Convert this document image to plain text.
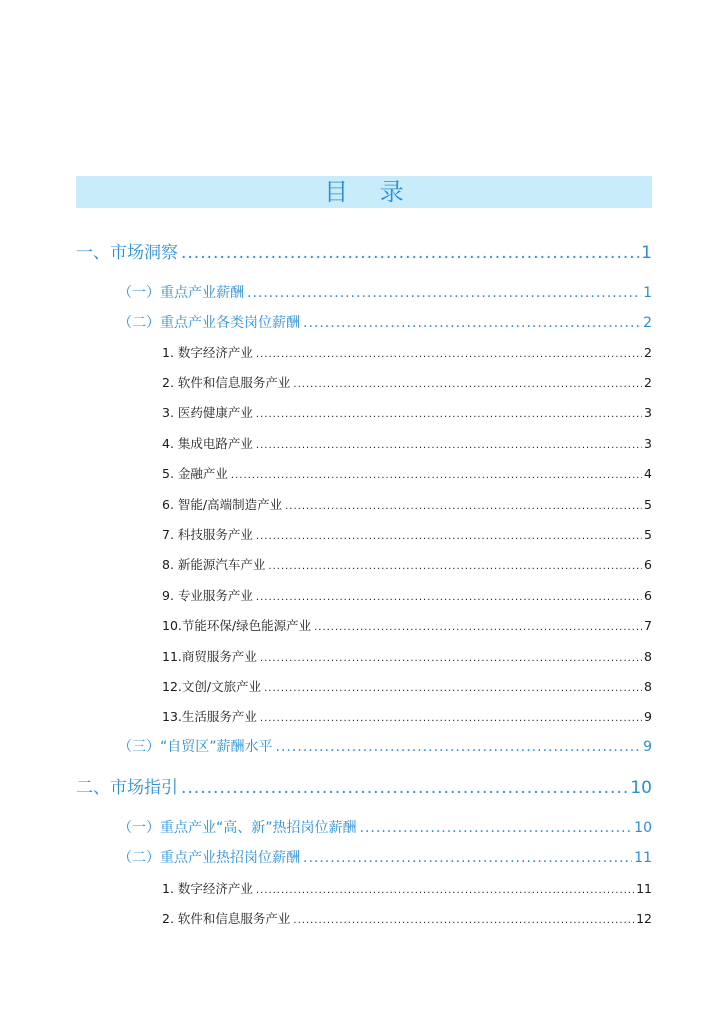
目 录
一、市场洞察 .....	1
（一）重点产业薪酬 .....	1
（二）重点产业各类岗位薪酬 .....	2
1. 数字经济产业 .....	2
2. 软件和信息服务产业 .....	2
3. 医药健康产业 .....	3
4. 集成电路产业 .....	3
5. 金融产业 .....	4
6. 智能/高端制造产业 .....	5
7. 科技服务产业 .....	5
8. 新能源汽车产业 .....	6
9. 专业服务产业 .....	6
10.节能环保/绿色能源产业 .....	7
11.商贸服务产业 .....	8
12.文创/文旅产业 .....	8
13.生活服务产业 .....	9
（三）“自贸区”薪酬水平 .....	9
二、市场指引 .....	10
（一）重点产业“高、新”热招岗位薪酬 .....	10
（二）重点产业热招岗位薪酬 .....	11
1. 数字经济产业 .....	11
2. 软件和信息服务产业 .....	12
